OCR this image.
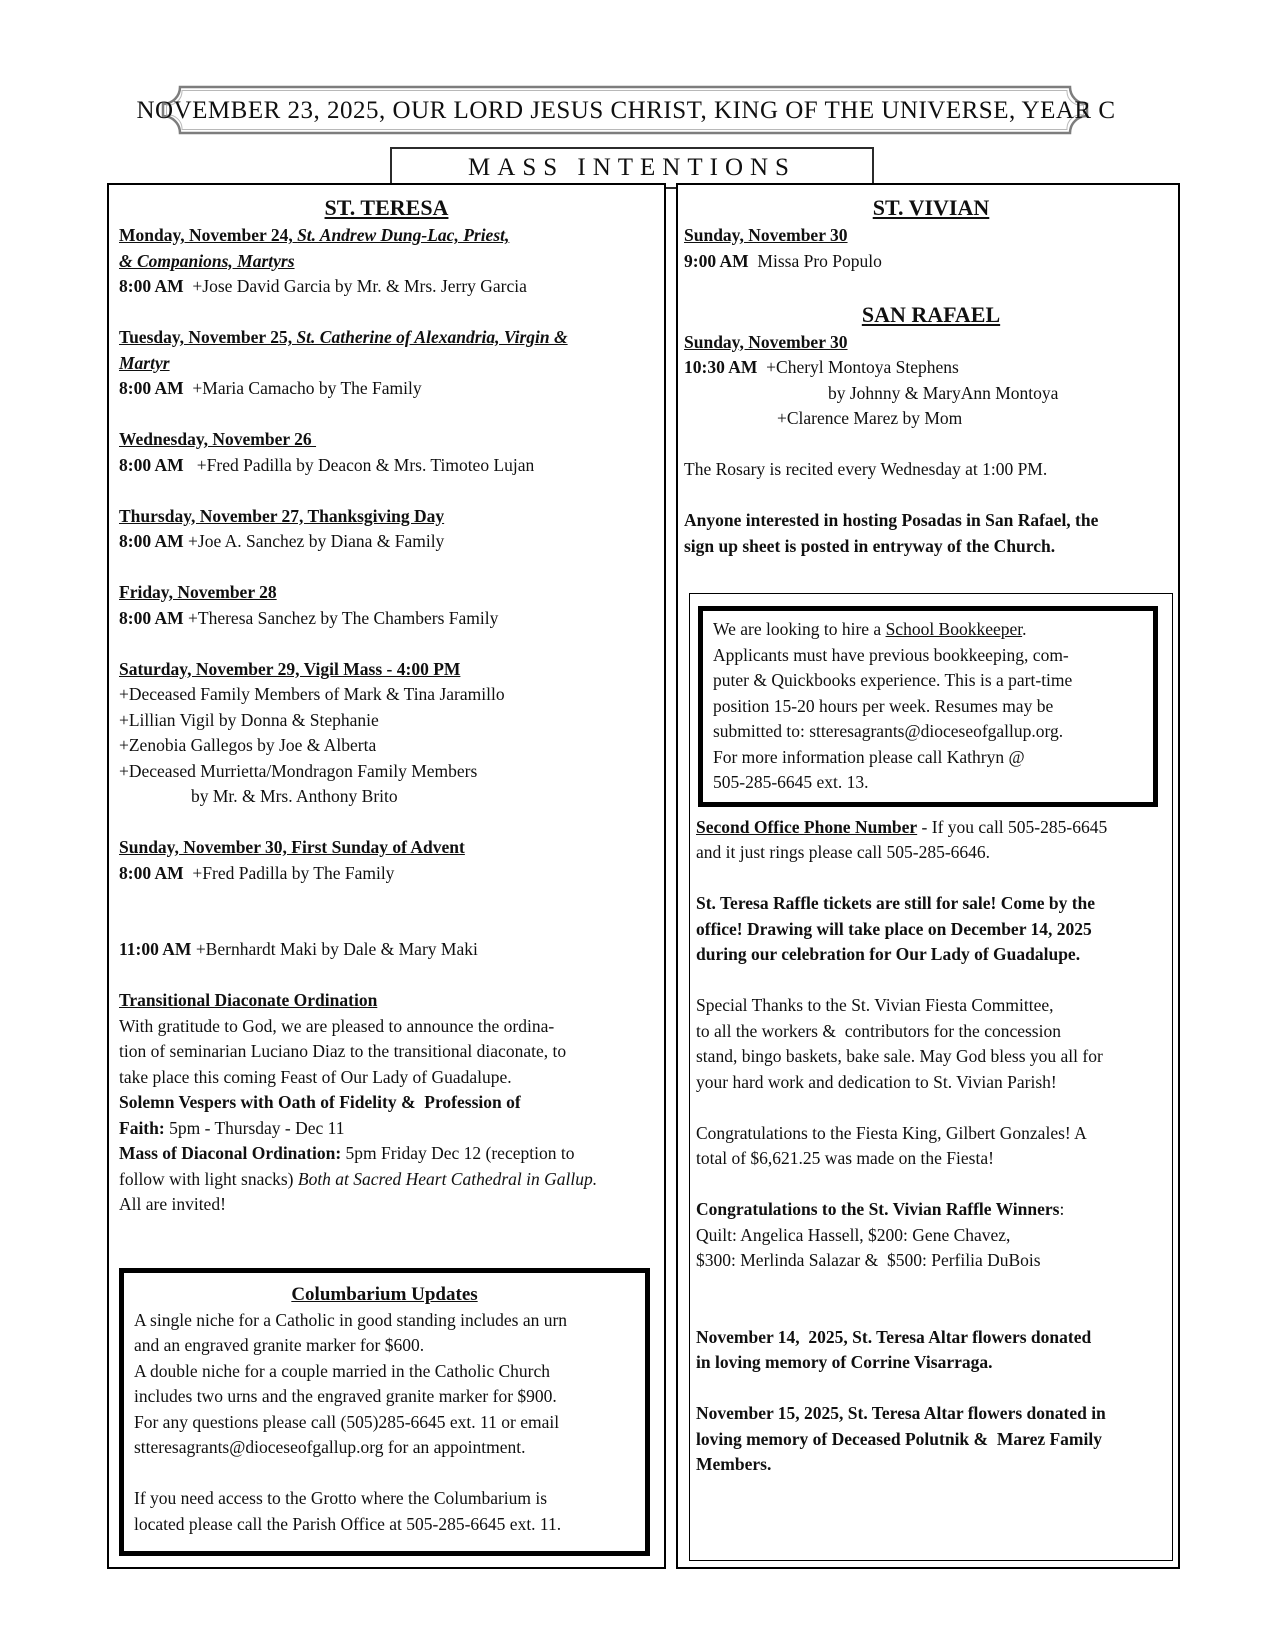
NOVEMBER 23, 2025, OUR LORD JESUS CHRIST, KING OF THE UNIVERSE, YEAR C
MASS INTENTIONS
ST. TERESA
Monday, November 24, St. Andrew Dung-Lac, Priest,
& Companions, Martyrs
8:00 AM  +Jose David Garcia by Mr. & Mrs. Jerry Garcia

Tuesday, November 25, St. Catherine of Alexandria, Virgin &
Martyr
8:00 AM  +Maria Camacho by The Family

Wednesday, November 26
8:00 AM   +Fred Padilla by Deacon & Mrs. Timoteo Lujan

Thursday, November 27, Thanksgiving Day
8:00 AM +Joe A. Sanchez by Diana & Family

Friday, November 28
8:00 AM +Theresa Sanchez by The Chambers Family

Saturday, November 29, Vigil Mass - 4:00 PM
+Deceased Family Members of Mark & Tina Jaramillo
+Lillian Vigil by Donna & Stephanie
+Zenobia Gallegos by Joe & Alberta
+Deceased Murrietta/Mondragon Family Members
by Mr. & Mrs. Anthony Brito

Sunday, November 30, First Sunday of Advent
8:00 AM  +Fred Padilla by The Family

11:00 AM +Bernhardt Maki by Dale & Mary Maki

Transitional Diaconate Ordination
With gratitude to God, we are pleased to announce the ordina-
tion of seminarian Luciano Diaz to the transitional diaconate, to
take place this coming Feast of Our Lady of Guadalupe.
Solemn Vespers with Oath of Fidelity &  Profession of
Faith: 5pm - Thursday - Dec 11
Mass of Diaconal Ordination: 5pm Friday Dec 12 (reception to
follow with light snacks) Both at Sacred Heart Cathedral in Gallup.
All are invited!
Columbarium Updates
A single niche for a Catholic in good standing includes an urn
and an engraved granite marker for $600.
A double niche for a couple married in the Catholic Church
includes two urns and the engraved granite marker for $900.
For any questions please call (505)285-6645 ext. 11 or email
stteresagrants@dioceseofgallup.org for an appointment.

If you need access to the Grotto where the Columbarium is
located please call the Parish Office at 505-285-6645 ext. 11.
ST. VIVIAN
Sunday, November 30
9:00 AM  Missa Pro Populo

SAN RAFAEL
Sunday, November 30
10:30 AM  +Cheryl Montoya Stephens
by Johnny & MaryAnn Montoya
+Clarence Marez by Mom

The Rosary is recited every Wednesday at 1:00 PM.

Anyone interested in hosting Posadas in San Rafael, the
sign up sheet is posted in entryway of the Church.
We are looking to hire a School Bookkeeper.
Applicants must have previous bookkeeping, com-
puter & Quickbooks experience. This is a part-time
position 15-20 hours per week. Resumes may be
submitted to: stteresagrants@dioceseofgallup.org.
For more information please call Kathryn @
505-285-6645 ext. 13.
Second Office Phone Number - If you call 505-285-6645
and it just rings please call 505-285-6646.

St. Teresa Raffle tickets are still for sale! Come by the
office! Drawing will take place on December 14, 2025
during our celebration for Our Lady of Guadalupe.

Special Thanks to the St. Vivian Fiesta Committee,
to all the workers &  contributors for the concession
stand, bingo baskets, bake sale. May God bless you all for
your hard work and dedication to St. Vivian Parish!

Congratulations to the Fiesta King, Gilbert Gonzales! A
total of $6,621.25 was made on the Fiesta!

Congratulations to the St. Vivian Raffle Winners:
Quilt: Angelica Hassell, $200: Gene Chavez,
$300: Merlinda Salazar &  $500: Perfilia DuBois

November 14,  2025, St. Teresa Altar flowers donated
in loving memory of Corrine Visarraga.

November 15, 2025, St. Teresa Altar flowers donated in
loving memory of Deceased Polutnik &  Marez Family
Members.
